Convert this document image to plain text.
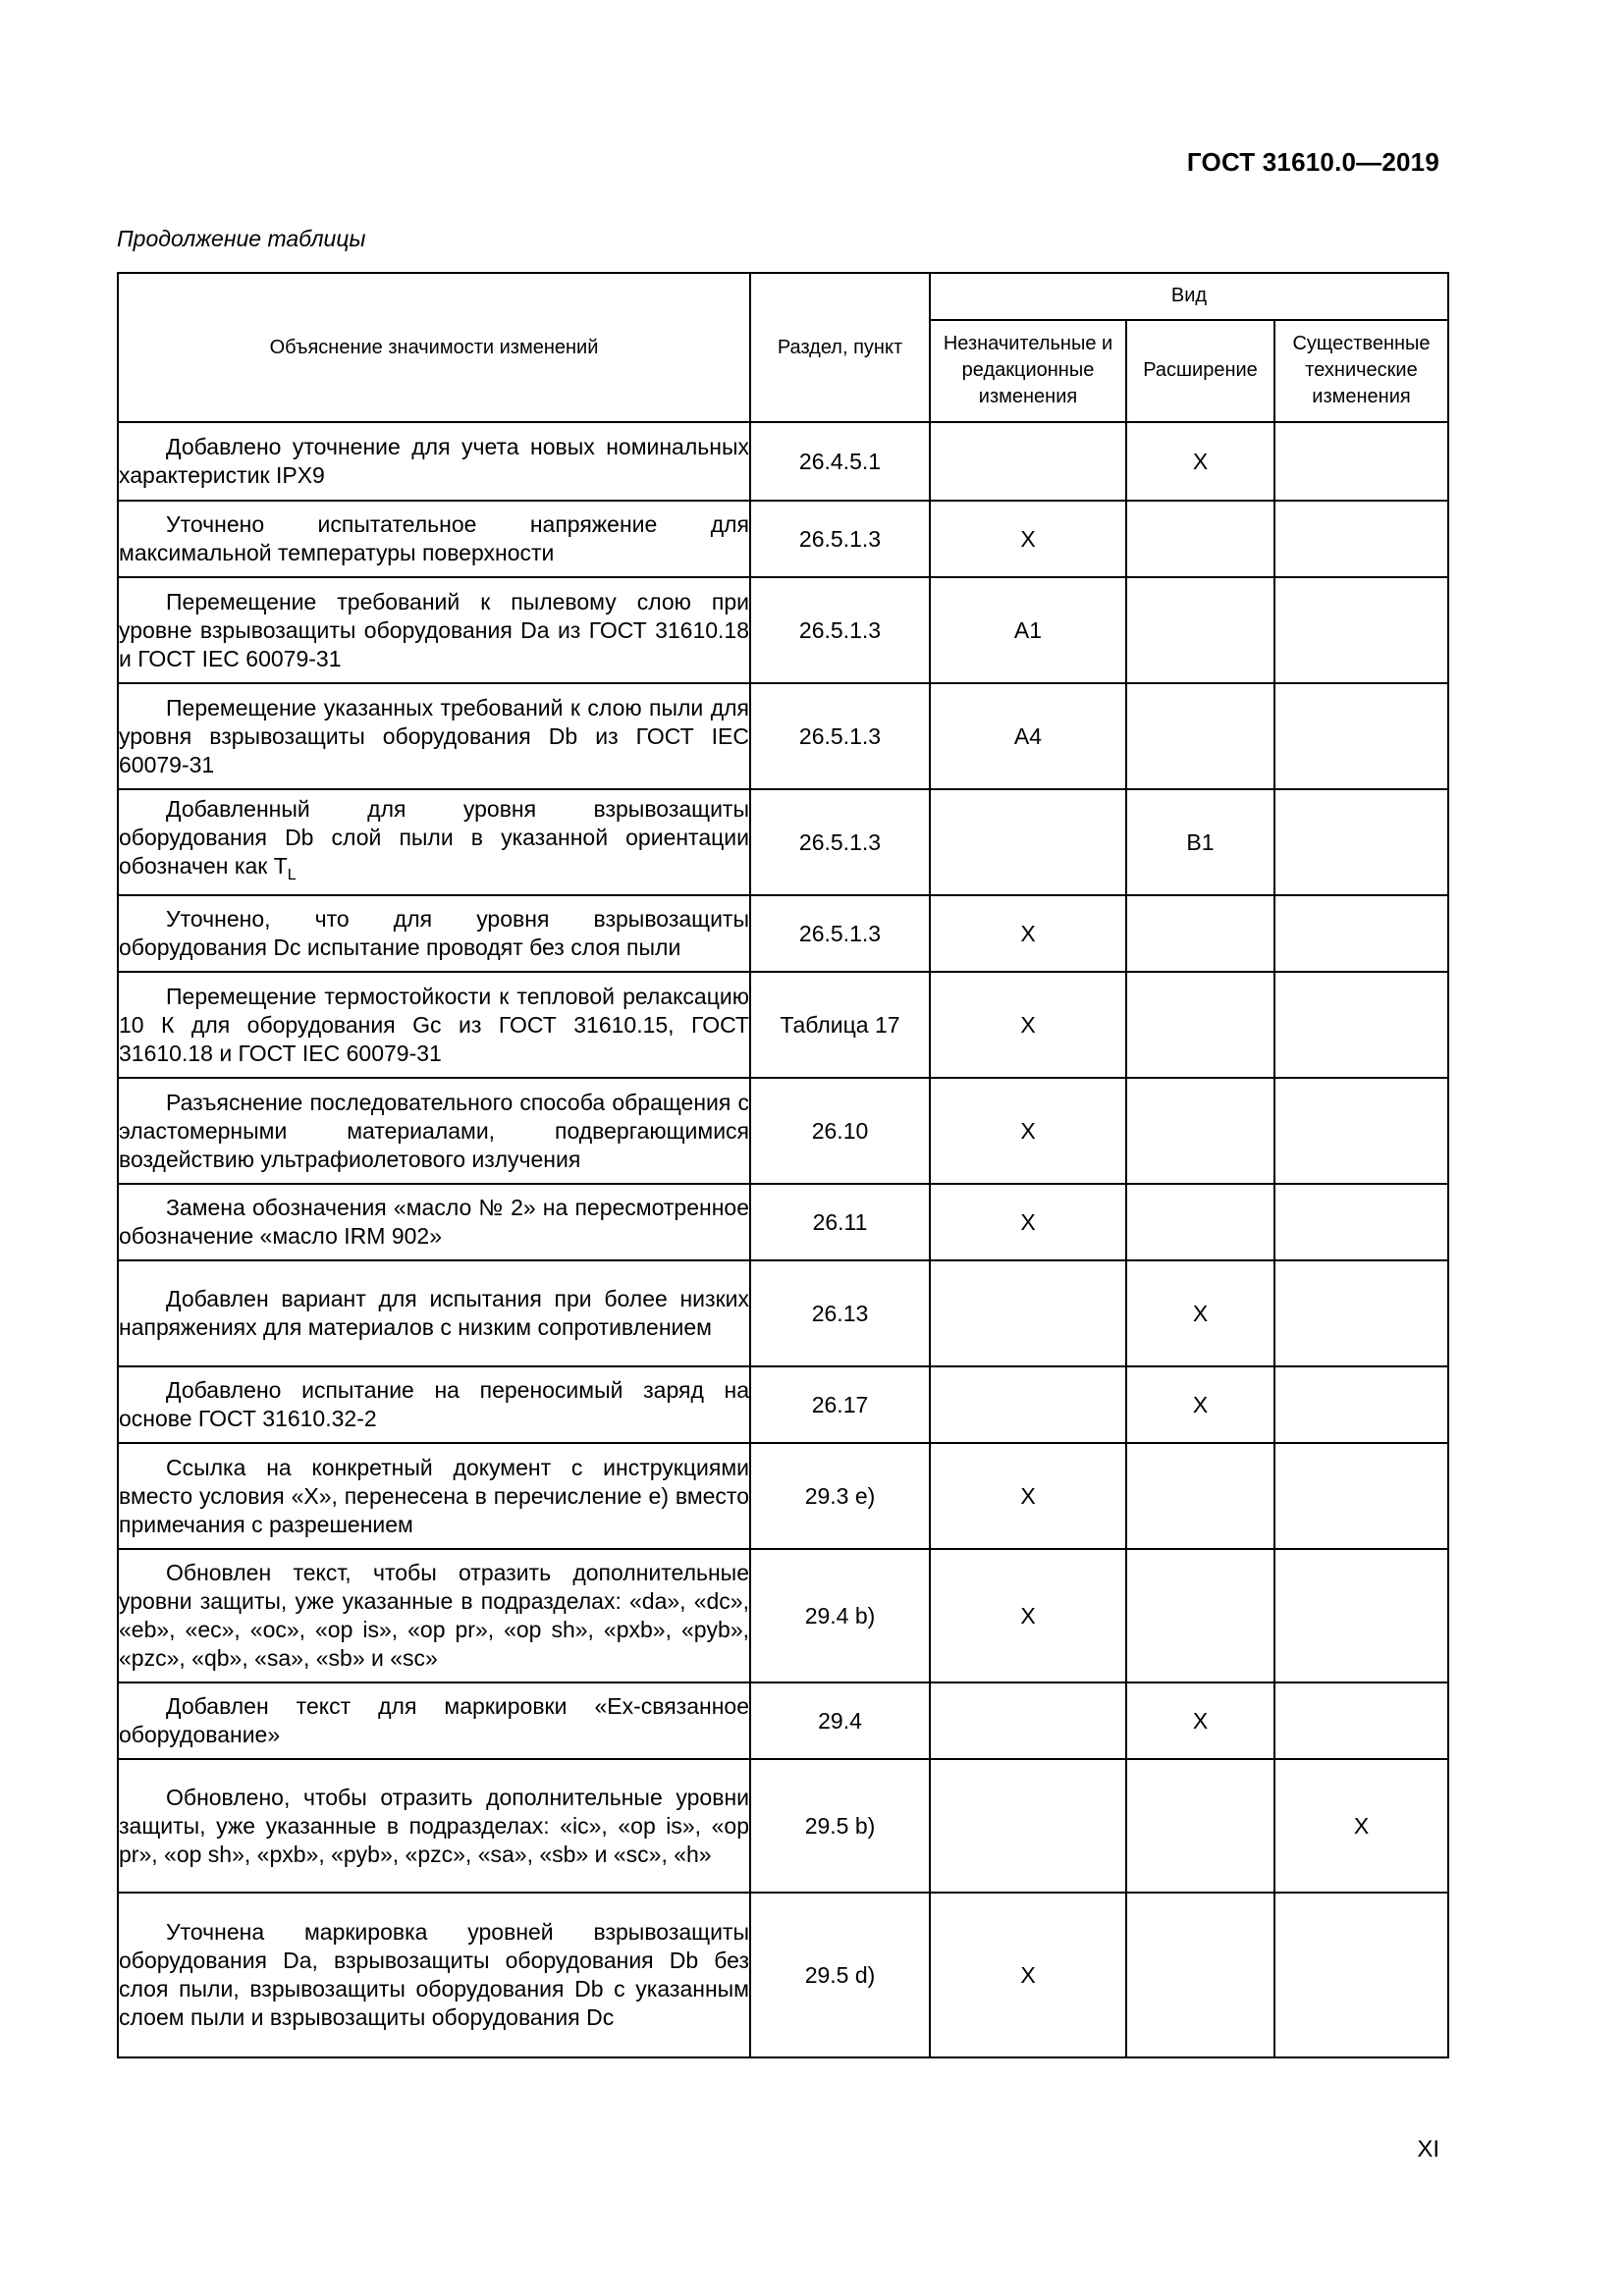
ГОСТ 31610.0—2019
Продолжение таблицы
Объяснение значимости изменений	Раздел, пункт	Вид		
		Незначительные и редакционные изменения	Расширение	Существенные технические изменения

Добавлено уточнение для учета новых номинальных характеристик IPX9	26.4.5.1		X	

Уточнено испытательное напряжение для максимальной температуры поверхности	26.5.1.3	X		

Перемещение требований к пылевому слою при уровне взрывозащиты оборудования Da из ГОСТ 31610.18 и ГОСТ IEC 60079-31	26.5.1.3	A1		

Перемещение указанных требований к слою пыли для уровня взрывозащиты оборудования Db из ГОСТ IEC 60079-31	26.5.1.3	A4		

Добавленный для уровня взрывозащиты оборудования Db слой пыли в указанной ориентации обозначен как $T_L$	26.5.1.3		B1	

Уточнено, что для уровня взрывозащиты оборудования Dc испытание проводят без слоя пыли	26.5.1.3	X		

Перемещение термостойкости к тепловой релаксацию 10 К для оборудования Gc из ГОСТ 31610.15, ГОСТ 31610.18 и ГОСТ IEC 60079-31	Таблица 17	X		

Разъяснение последовательного способа обращения с эластомерными материалами, подвергающимися воздействию ультрафиолетового излучения	26.10	X		

Замена обозначения «масло № 2» на пересмотренное обозначение «масло IRM 902»	26.11	X		

Добавлен вариант для испытания при более низких напряжениях для материалов с низким сопротивлением	26.13		X	

Добавлено испытание на переносимый заряд на основе ГОСТ 31610.32-2	26.17		X	

Ссылка на конкретный документ с инструкциями вместо условия «X», перенесена в перечисление е) вместо примечания с разрешением	29.3 е)	X		

Обновлен текст, чтобы отразить дополнительные уровни защиты, уже указанные в подразделах: «da», «dc», «eb», «ec», «oc», «op is», «op pr», «op sh», «pxb», «pyb», «pzc», «qb», «sa», «sb» и «sc»	29.4 b)	X		

Добавлен текст для маркировки «Ex-связанное оборудование»	29.4		X	

Обновлено, чтобы отразить дополнительные уровни защиты, уже указанные в подразделах: «ic», «op is», «op pr», «op sh», «pxb», «pyb», «pzc», «sa», «sb» и «sc», «h»	29.5 b)			X

Уточнена маркировка уровней взрывозащиты оборудования Da, взрывозащиты оборудования Db без слоя пыли, взрывозащиты оборудования Db с указанным слоем пыли и взрывозащиты оборудования Dc	29.5 d)	X		
XI
